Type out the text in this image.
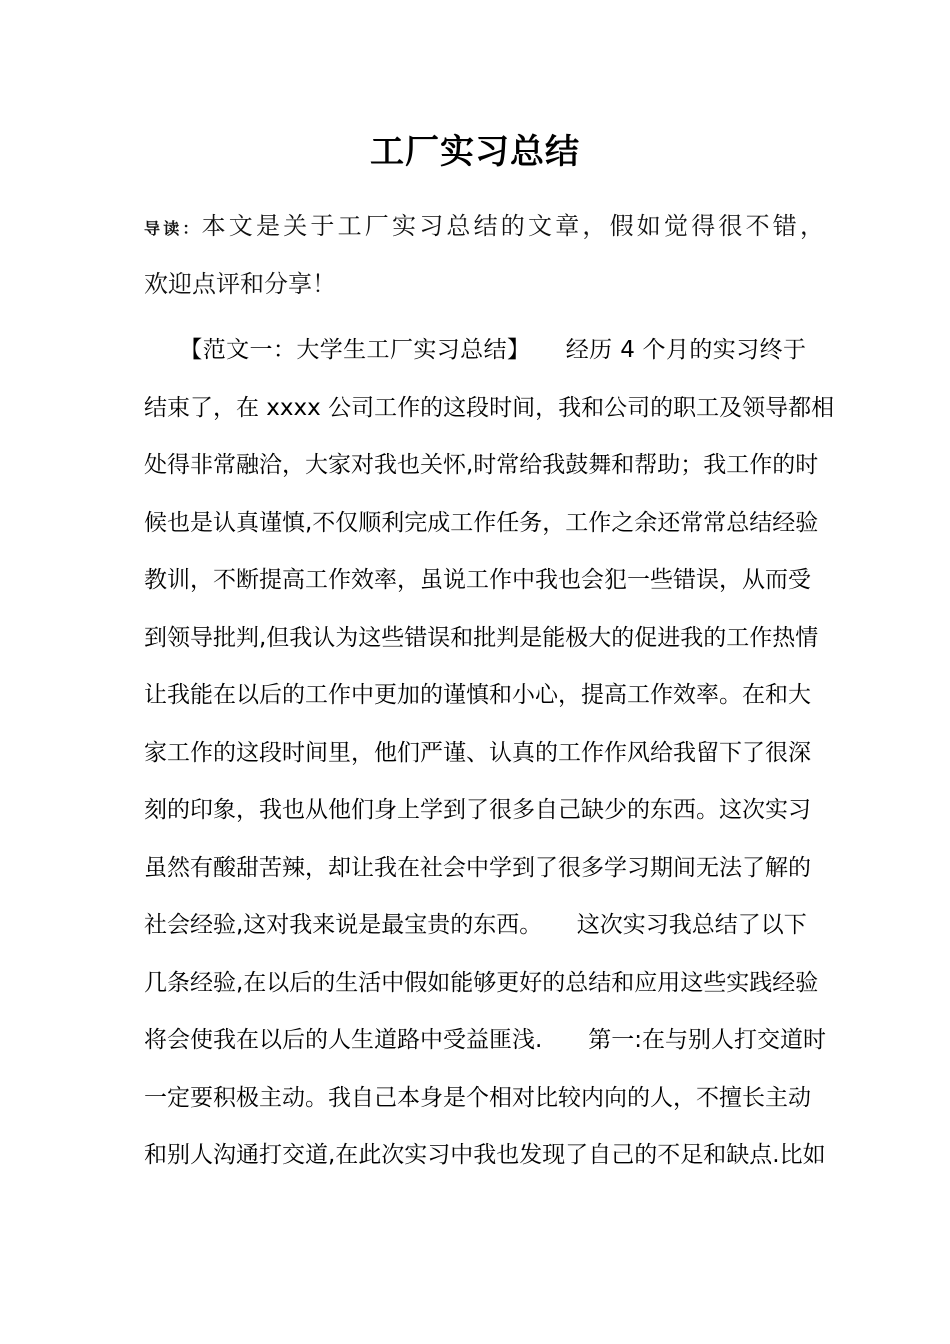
工厂实习总结
导读：本文是关于工厂实习总结的文章，假如觉得很不错，
欢迎点评和分享！
　　【范文一：大学生工厂实习总结】　　经历 4 个月的实习终于
结束了，在 xxxx 公司工作的这段时间，我和公司的职工及领导都相
处得非常融洽，大家对我也关怀,时常给我鼓舞和帮助；我工作的时
候也是认真谨慎,不仅顺利完成工作任务，工作之余还常常总结经验
教训，不断提高工作效率，虽说工作中我也会犯一些错误，从而受
到领导批判,但我认为这些错误和批判是能极大的促进我的工作热情
让我能在以后的工作中更加的谨慎和小心，提高工作效率。在和大
家工作的这段时间里，他们严谨、认真的工作作风给我留下了很深
刻的印象，我也从他们身上学到了很多自己缺少的东西。这次实习
虽然有酸甜苦辣，却让我在社会中学到了很多学习期间无法了解的
社会经验,这对我来说是最宝贵的东西。　　这次实习我总结了以下
几条经验,在以后的生活中假如能够更好的总结和应用这些实践经验
将会使我在以后的人生道路中受益匪浅.　　第一:在与别人打交道时
一定要积极主动。我自己本身是个相对比较内向的人，不擅长主动
和别人沟通打交道,在此次实习中我也发现了自己的不足和缺点.比如
